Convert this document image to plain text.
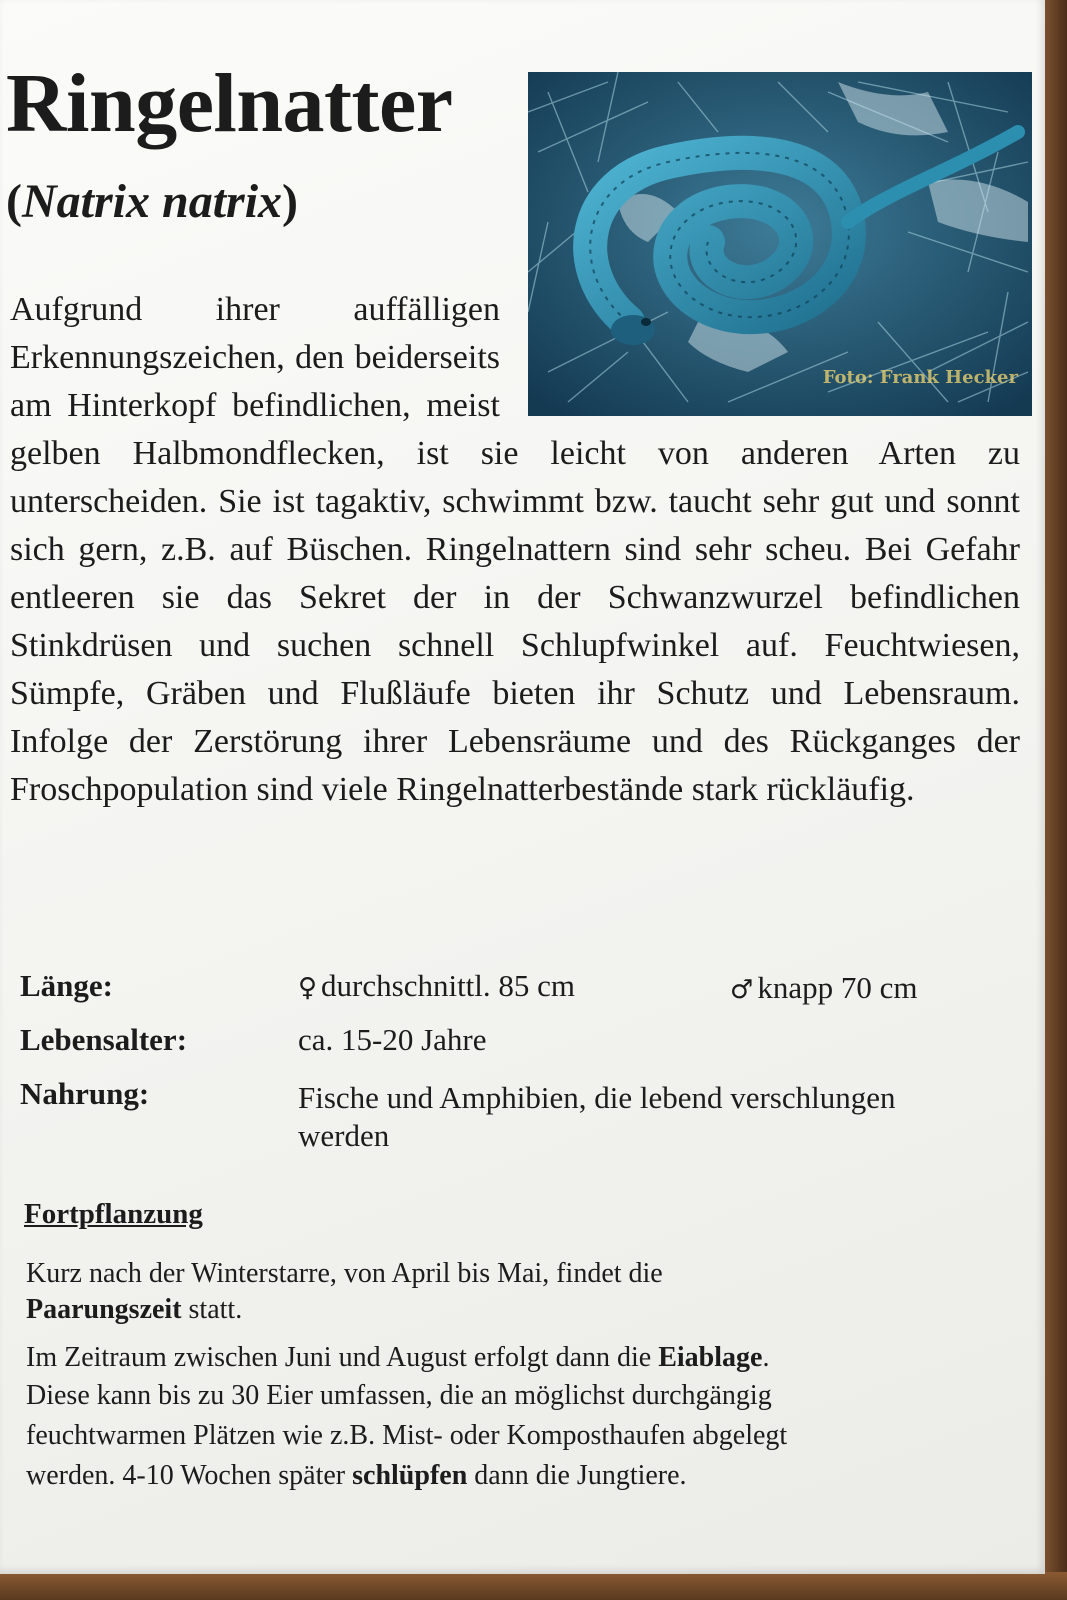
Ringelnatter

(Natrix natrix)

Foto: Frank Hecker

Aufgrund ihrer auffälligen Erkennungszeichen, den beiderseits am Hinterkopf befindlichen, meist gelben Halbmondflecken, ist sie leicht von anderen Arten zu unterscheiden. Sie ist tagaktiv, schwimmt bzw. taucht sehr gut und sonnt sich gern, z.B. auf Büschen. Ringelnattern sind sehr scheu. Bei Gefahr entleeren sie das Sekret der in der Schwanzwurzel befindlichen Stinkdrüsen und suchen schnell Schlupfwinkel auf. Feuchtwiesen, Sümpfe, Gräben und Flußläufe bieten ihr Schutz und Lebensraum. Infolge der Zerstörung ihrer Lebensräume und des Rückganges der Froschpopulation sind viele Ringelnatterbestände stark rückläufig.

Länge:	♀ durchschnittl. 85 cm	♂ knapp 70 cm
Lebensalter:	ca. 15-20 Jahre
Nahrung:	Fische und Amphibien, die lebend verschlungen
werden
Fortpflanzung

Kurz nach der Winterstarre, von April bis Mai, findet die

Paarungszeit statt.

Im Zeitraum zwischen Juni und August erfolgt dann die Eiablage.

Diese kann bis zu 30 Eier umfassen, die an möglichst durchgängig

feuchtwarmen Plätzen wie z.B. Mist- oder Komposthaufen abgelegt

werden. 4-10 Wochen später schlüpfen dann die Jungtiere.
